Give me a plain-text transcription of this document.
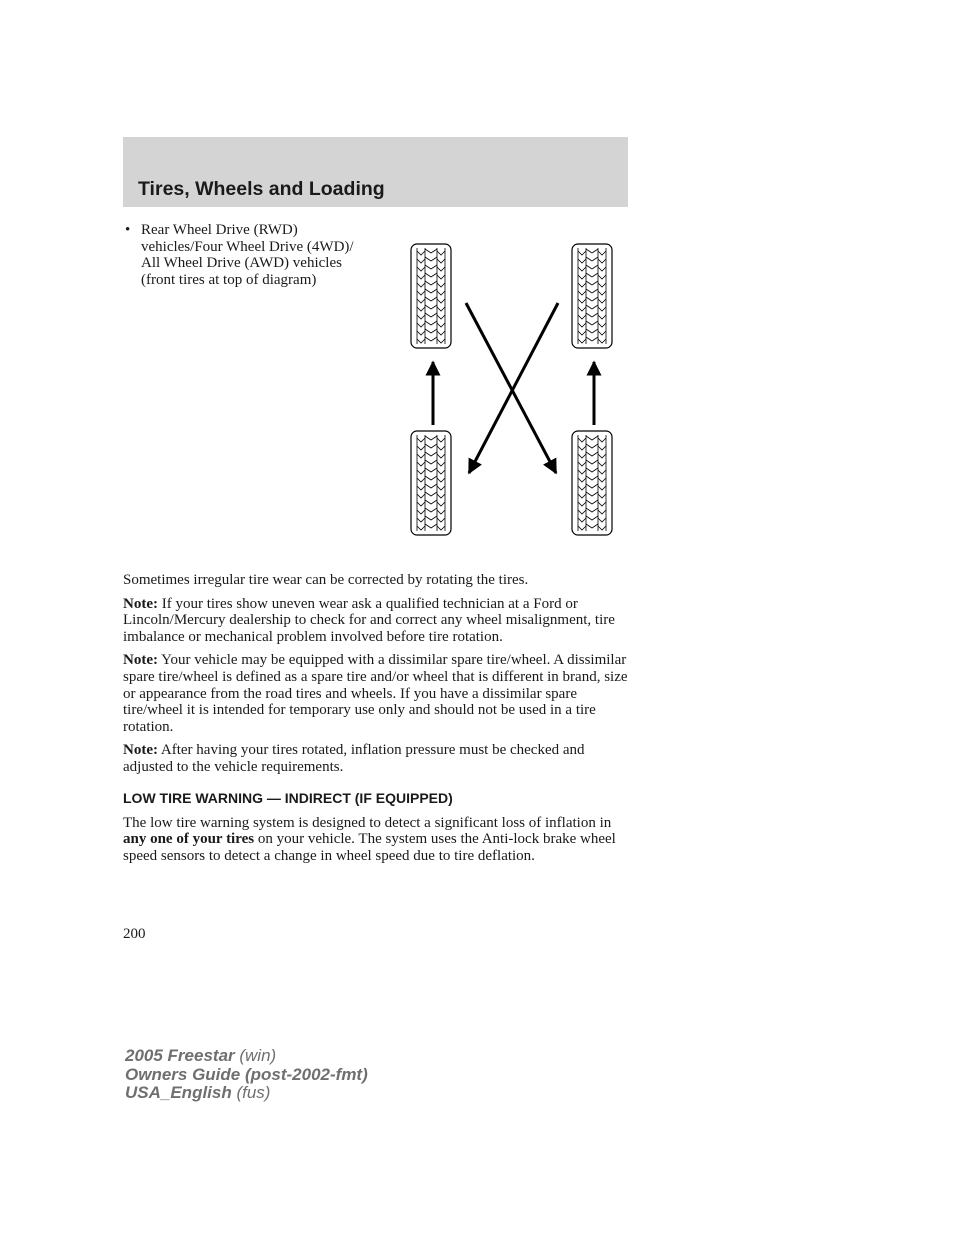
Tires, Wheels and Loading
• Rear Wheel Drive (RWD) vehicles/Four Wheel Drive (4WD)/ All Wheel Drive (AWD) vehicles (front tires at top of diagram)

Sometimes irregular tire wear can be corrected by rotating the tires.

Note: If your tires show uneven wear ask a qualified technician at a Ford or Lincoln/Mercury dealership to check for and correct any wheel misalignment, tire imbalance or mechanical problem involved before tire rotation.

Note: Your vehicle may be equipped with a dissimilar spare tire/wheel. A dissimilar spare tire/wheel is defined as a spare tire and/or wheel that is different in brand, size or appearance from the road tires and wheels. If you have a dissimilar spare tire/wheel it is intended for temporary use only and should not be used in a tire rotation.

Note: After having your tires rotated, inflation pressure must be checked and adjusted to the vehicle requirements.

LOW TIRE WARNING — INDIRECT (IF EQUIPPED)

The low tire warning system is designed to detect a significant loss of inflation in any one of your tires on your vehicle. The system uses the Anti-lock brake wheel speed sensors to detect a change in wheel speed due to tire deflation.

200
2005 Freestar (win)
Owners Guide (post-2002-fmt)
USA_English (fus)
